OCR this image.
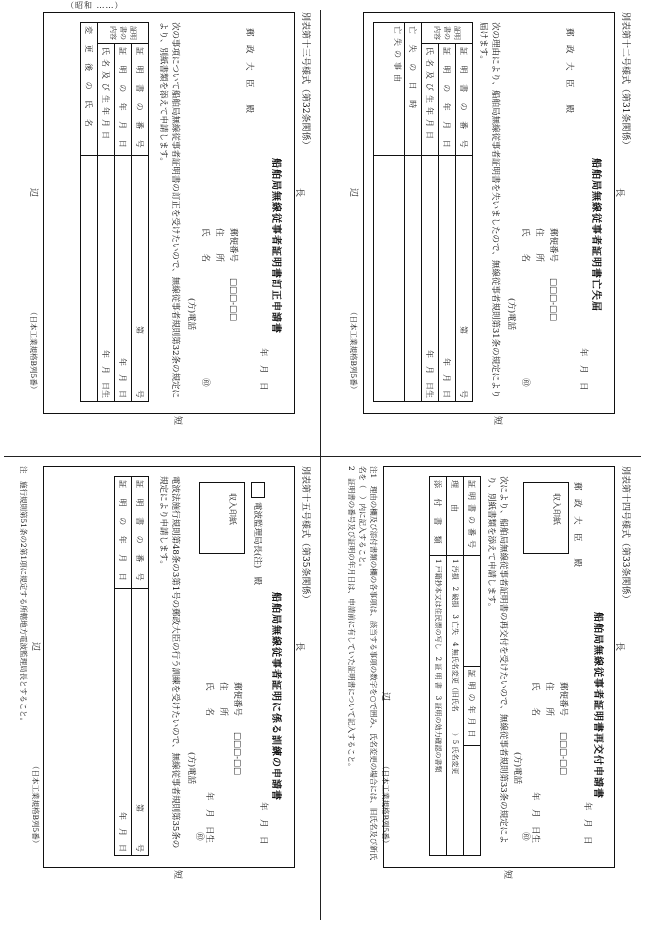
（昭和 ……）
別表第十二号様式（第31条関係）
船舶局無線従事者証明書亡失届
年　月　日
郵　政　大　臣　　殿
郵便番号
□□□-□□
住　　所
氏　　名
㊞
(方)電話
次の理由により、船舶局無線従事者証明書を失いましたので、無線従事者規則第31条の規定により届けます。
証明書の内容	証 明 書 の 番 号	第　　　　　　　号
	証 明 の 年 月 日	年　月　日
	氏名及び生年月日	年　月　日生
亡 失 の 日 時		
亡失の事由		
長
辺
（日本工業規格B列5番）
短
別表第十三号様式（第32条関係）
船舶局無線従事者証明書訂正申請書
年　月　日
郵　政　大　臣　　殿
郵便番号
□□□-□□
住　　所
氏　　名
㊞
(方)電話
次の事項について船舶局無線従事者証明書の訂正を受けたいので、無線従事者規則第32条の規定により、別紙書類を添えて申請します。
証明書の内容	証 明 書 の 番 号	第　　　　　　　号
	証 明 の 年 月 日	年　月　日
	氏名及び生年月日	年　月　日生
変 更 後 の 氏 名		
長
辺
（日本工業規格B列5番）
短
別表第十四号様式（第33条関係）
船舶局無線従事者証明書再交付申請書
年　月　日
郵　政　大　臣　　殿
収入印紙
郵便番号
□□□-□□
住　　所
氏　　名
年　月　日生
㊞
(方)電話
次により、船舶局無線従事者証明書の再交付を受けたいので、無線従事者規則第33条の規定により、別紙書類を添えて申請します。
証明書の番号		証明の年月日	
理　由	1 汚損　2 破損　3 亡失　4 無氏名変更（旧氏名　　　）5 氏名変更		
添 付 書 類	1 戸籍抄本又は住民票の写し　2 証 明 書　3 証明の効力確認の書類		
注1　理由の欄及び添付書類の欄の各事項は、該当する事項の数字を○で囲み、氏名変更の場合には、旧氏名及び新氏名を（　）内に記入すること。
2　証明書の番号及び証明の年月日は、申請前に有していた証明書について記入すること。	長
（日本工業規格B列5番）
短
辺
別表第十五号様式（第35条関係）
船舶局無線従事者証明に係る訓練の申請書
年　月　日
電波監理局長(注)　殿
収入印紙
郵便番号
□□□-□□
住　　所
氏　　名
年　月　日生
㊞
(方)電話
電波法施行規則第48条の3第1号の郵政大臣の行う訓練を受けたいので、無線従事者規則第35条の規定により申請します。
証 明 書 の 番 号	第　　　　号
証 明 の 年 月 日	年　月　日
注　施行規則第51条の2第1項に規定する所轄地方電波監理局長とすること。	長
辺
（日本工業規格B列5番）
短
